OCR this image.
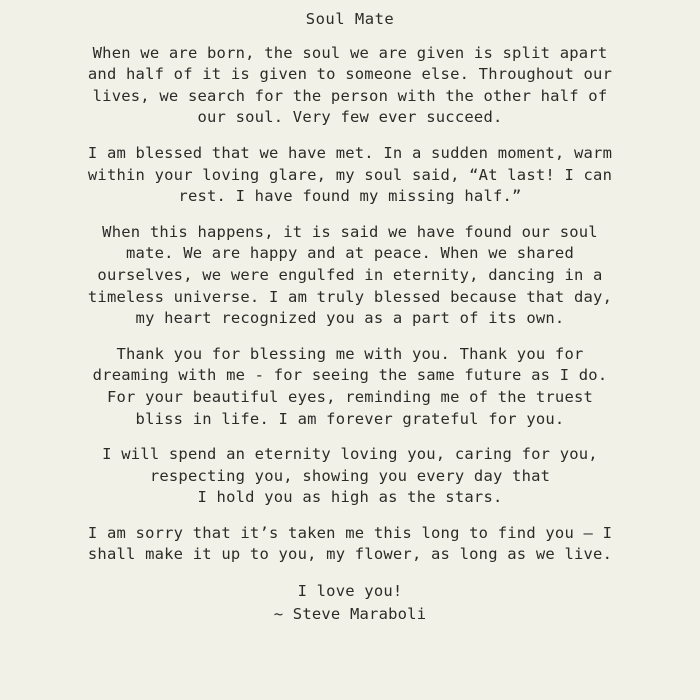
Soul Mate
When we are born, the soul we are given is split apart
and half of it is given to someone else. Throughout our
lives, we search for the person with the other half of
our soul. Very few ever succeed.
I am blessed that we have met. In a sudden moment, warm
within your loving glare, my soul said, “At last! I can
rest. I have found my missing half.”
When this happens, it is said we have found our soul
mate. We are happy and at peace. When we shared
ourselves, we were engulfed in eternity, dancing in a
timeless universe. I am truly blessed because that day,
my heart recognized you as a part of its own.
Thank you for blessing me with you. Thank you for
dreaming with me - for seeing the same future as I do.
For your beautiful eyes, reminding me of the truest
bliss in life. I am forever grateful for you.
I will spend an eternity loving you, caring for you,
respecting you, showing you every day that
I hold you as high as the stars.
I am sorry that it’s taken me this long to find you — I
shall make it up to you, my flower, as long as we live.
I love you!
~ Steve Maraboli
